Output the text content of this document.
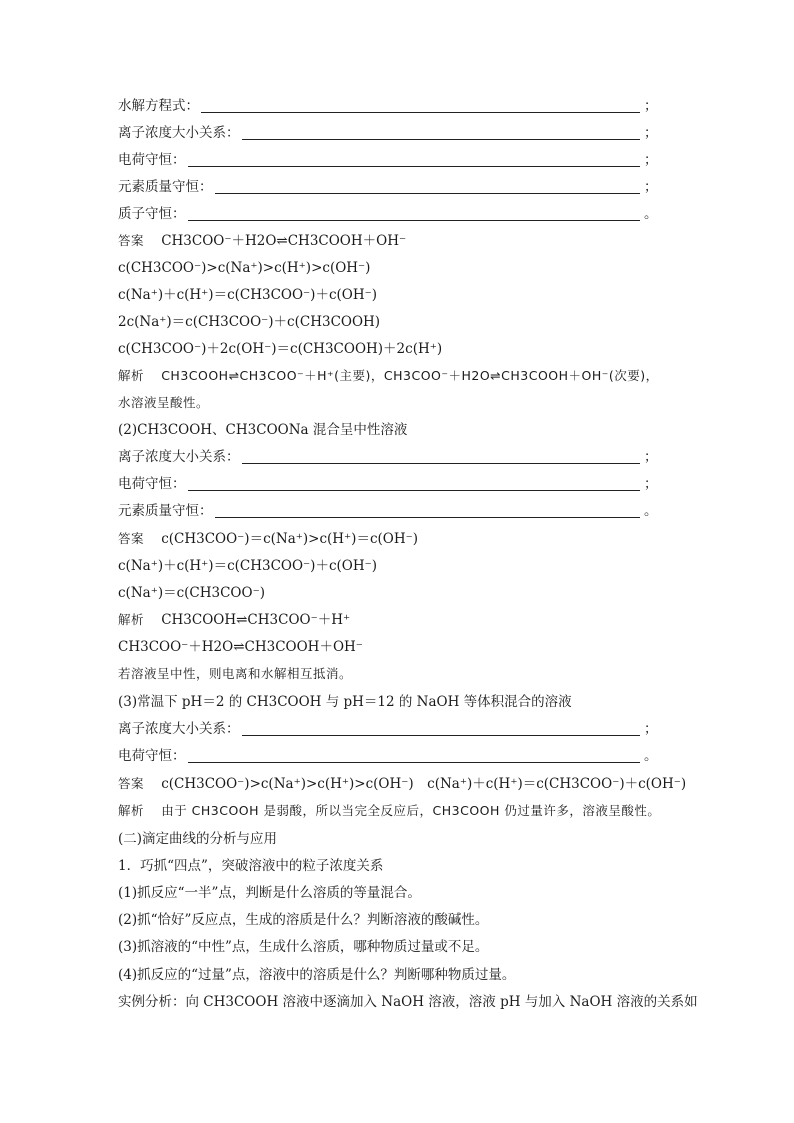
水解方程式：	；
离子浓度大小关系：	；
电荷守恒：	；
元素质量守恒：	；
质子守恒：	。
答案 CH3COO⁻＋H2O⇌CH3COOH＋OH⁻
c(CH3COO⁻)>c(Na⁺)>c(H⁺)>c(OH⁻)
c(Na⁺)＋c(H⁺)＝c(CH3COO⁻)＋c(OH⁻)
2c(Na⁺)＝c(CH3COO⁻)＋c(CH3COOH)
c(CH3COO⁻)＋2c(OH⁻)＝c(CH3COOH)＋2c(H⁺)
解析 CH3COOH⇌CH3COO⁻＋H⁺(主要)，CH3COO⁻＋H2O⇌CH3COOH＋OH⁻(次要)，
水溶液呈酸性。
(2)CH3COOH、CH3COONa 混合呈中性溶液
离子浓度大小关系：	；
电荷守恒：	；
元素质量守恒：	。
答案 c(CH3COO⁻)＝c(Na⁺)>c(H⁺)＝c(OH⁻)
c(Na⁺)＋c(H⁺)＝c(CH3COO⁻)＋c(OH⁻)
c(Na⁺)＝c(CH3COO⁻)
解析 CH3COOH⇌CH3COO⁻＋H⁺
CH3COO⁻＋H2O⇌CH3COOH＋OH⁻
若溶液呈中性，则电离和水解相互抵消。
(3)常温下 pH＝2 的 CH3COOH 与 pH＝12 的 NaOH 等体积混合的溶液
离子浓度大小关系：	；
电荷守恒：	。
答案 c(CH3COO⁻)>c(Na⁺)>c(H⁺)>c(OH⁻)　c(Na⁺)＋c(H⁺)＝c(CH3COO⁻)＋c(OH⁻)
解析 由于 CH3COOH 是弱酸，所以当完全反应后，CH3COOH 仍过量许多，溶液呈酸性。
(二)滴定曲线的分析与应用
1．巧抓“四点”，突破溶液中的粒子浓度关系
(1)抓反应“一半”点，判断是什么溶质的等量混合。
(2)抓“恰好”反应点，生成的溶质是什么？判断溶液的酸碱性。
(3)抓溶液的“中性”点，生成什么溶质，哪种物质过量或不足。
(4)抓反应的“过量”点，溶液中的溶质是什么？判断哪种物质过量。
实例分析：向 CH3COOH 溶液中逐滴加入 NaOH 溶液，溶液 pH 与加入 NaOH 溶液的关系如
